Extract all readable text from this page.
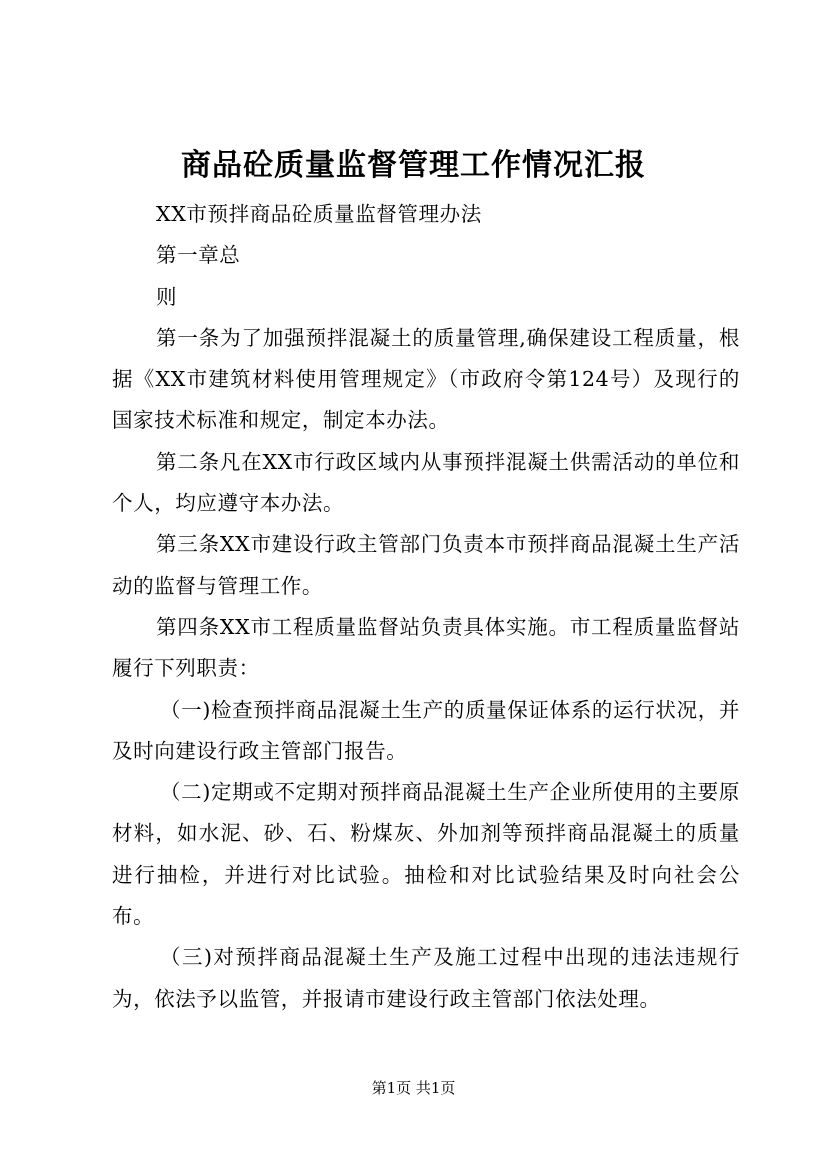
商品砼质量监督管理工作情况汇报

XX市预拌商品砼质量监督管理办法

第一章总

则

第一条为了加强预拌混凝土的质量管理,确保建设工程质量，根据《XX市建筑材料使用管理规定》（市政府令第124号）及现行的国家技术标准和规定，制定本办法。

第二条凡在XX市行政区域内从事预拌混凝土供需活动的单位和个人，均应遵守本办法。

第三条XX市建设行政主管部门负责本市预拌商品混凝土生产活动的监督与管理工作。

第四条XX市工程质量监督站负责具体实施。市工程质量监督站履行下列职责：

（一)检查预拌商品混凝土生产的质量保证体系的运行状况，并及时向建设行政主管部门报告。

（二)定期或不定期对预拌商品混凝土生产企业所使用的主要原材料，如水泥、砂、石、粉煤灰、外加剂等预拌商品混凝土的质量进行抽检，并进行对比试验。抽检和对比试验结果及时向社会公布。

（三)对预拌商品混凝土生产及施工过程中出现的违法违规行为，依法予以监管，并报请市建设行政主管部门依法处理。

第1页 共1页
